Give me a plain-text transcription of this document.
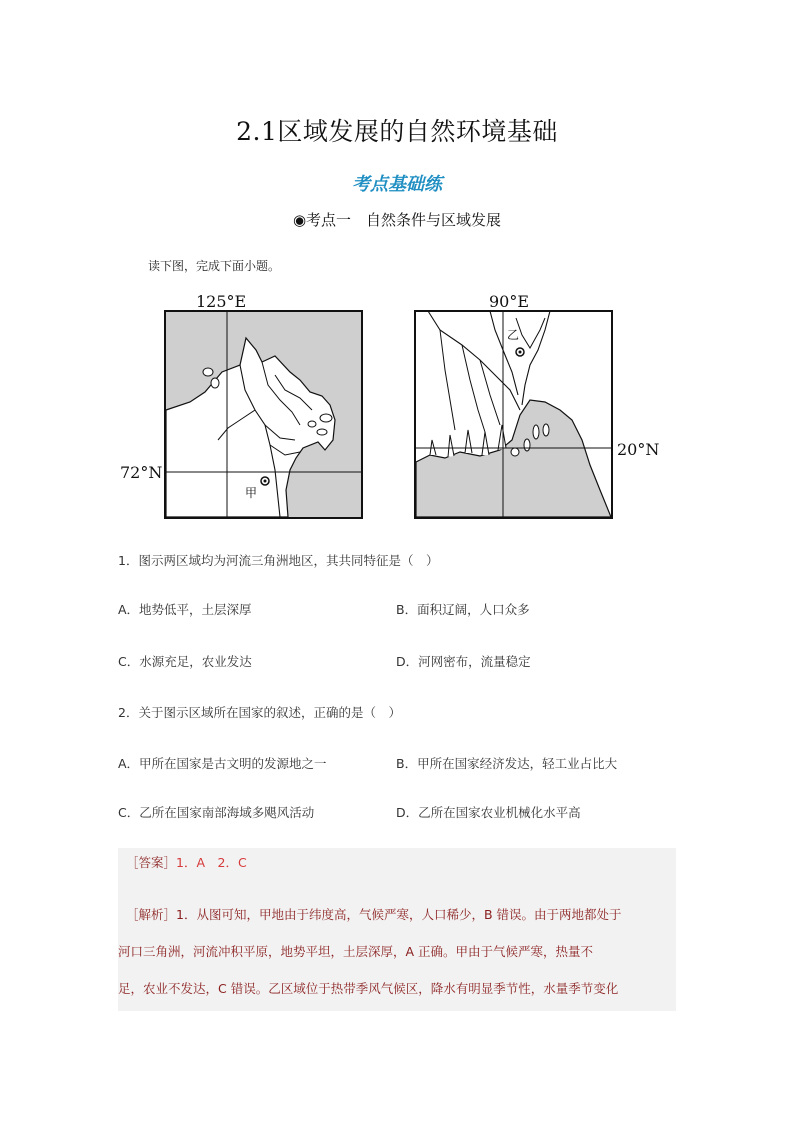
2.1区域发展的自然环境基础
考点基础练
◉考点一　自然条件与区域发展
读下图，完成下面小题。
125°E
72°N
甲
90°E
20°N
乙
1．图示两区域均为河流三角洲地区，其共同特征是（　）
A．地势低平，土层深厚	B．面积辽阔，人口众多
C．水源充足，农业发达	D．河网密布，流量稳定
2．关于图示区域所在国家的叙述，正确的是（　）
A．甲所在国家是古文明的发源地之一	B．甲所在国家经济发达，轻工业占比大
C．乙所在国家南部海域多飓风活动	D．乙所在国家农业机械化水平高
［答案］1．A　2．C
［解析］1．从图可知，甲地由于纬度高，气候严寒，人口稀少，B 错误。由于两地都处于
河口三角洲，河流冲积平原，地势平坦，土层深厚，A 正确。甲由于气候严寒，热量不
足，农业不发达，C 错误。乙区域位于热带季风气候区，降水有明显季节性，水量季节变化
